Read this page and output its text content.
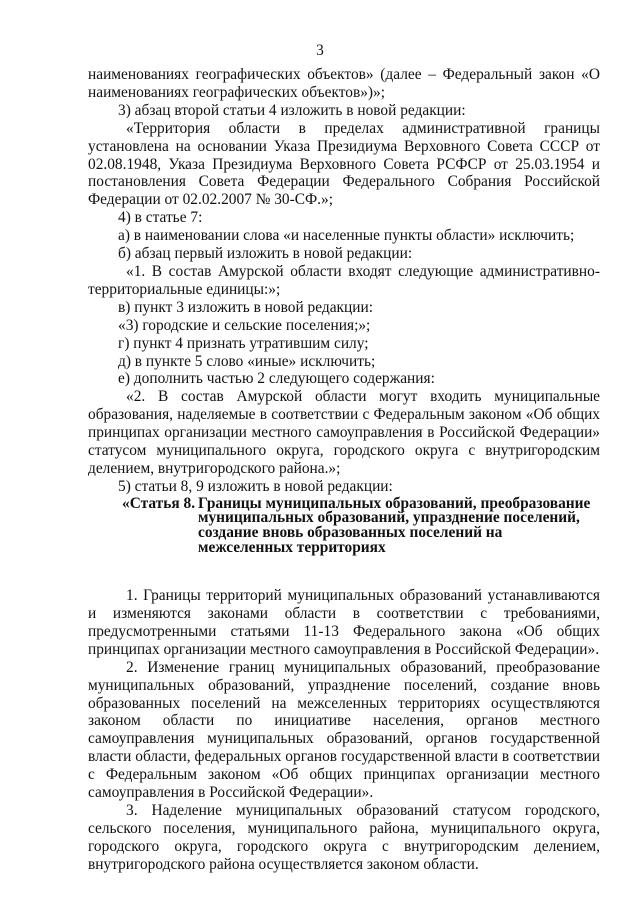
3

наименованиях географических объектов» (далее – Федеральный закон «О

наименованиях географических объектов»)»;

3) абзац второй статьи 4 изложить в новой редакции:

«Территория области в пределах административной границы установлена на основании Указа Президиума Верховного Совета СССР от 02.08.1948, Указа Президиума Верховного Совета РСФСР от 25.03.1954 и постановления Совета Федерации Федерального Собрания Российской Федерации от 02.02.2007 № 30-СФ.»;

4) в статье 7:

а) в наименовании слова «и населенные пункты области» исключить;

б) абзац первый изложить в новой редакции:

«1. В состав Амурской области входят следующие административно-территориальные единицы:»;

в) пункт 3 изложить в новой редакции:

«3) городские и сельские поселения;»;

г) пункт 4 признать утратившим силу;

д) в пункте 5 слово «иные» исключить;

е) дополнить частью 2 следующего содержания:

«2. В состав Амурской области могут входить муниципальные образования, наделяемые в соответствии с Федеральным законом «Об общих принципах организации местного самоуправления в Российской Федерации» статусом муниципального округа, городского округа с внутригородским делением, внутригородского района.»;

5) статьи 8, 9 изложить в новой редакции:

«Статья 8. Границы муниципальных образований, преобразование муниципальных образований, упразднение поселений, создание вновь образованных поселений на межселенных территориях

1. Границы территорий муниципальных образований устанавливаются и изменяются законами области в соответствии с требованиями, предусмотренными статьями 11-13 Федерального закона «Об общих принципах организации местного самоуправления в Российской Федерации».

2. Изменение границ муниципальных образований, преобразование муниципальных образований, упразднение поселений, создание вновь образованных поселений на межселенных территориях осуществляются законом области по инициативе населения, органов местного самоуправления муниципальных образований, органов государственной власти области, федеральных органов государственной власти в соответствии с Федеральным законом «Об общих принципах организации местного самоуправления в Российской Федерации».

3. Наделение муниципальных образований статусом городского, сельского поселения, муниципального района, муниципального округа, городского округа, городского округа с внутригородским делением, внутригородского района осуществляется законом области.
